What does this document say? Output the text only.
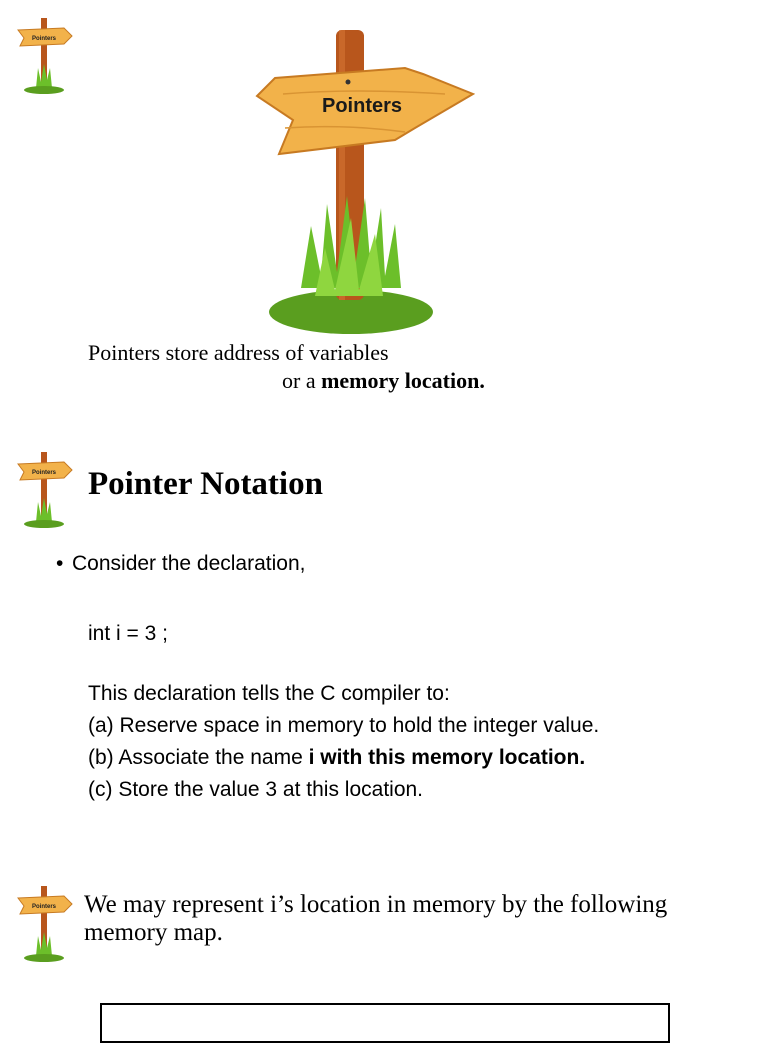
Pointers
Pointers
Pointers
Pointers
Pointers store address of variables
or a memory location.
Pointer Notation
• Consider the declaration,
int i = 3 ;
This declaration tells the C compiler to:
(a) Reserve space in memory to hold the integer value.
(b) Associate the name i with this memory location.
(c) Store the value 3 at this location.
We may represent i’s location in memory by the following memory map.
